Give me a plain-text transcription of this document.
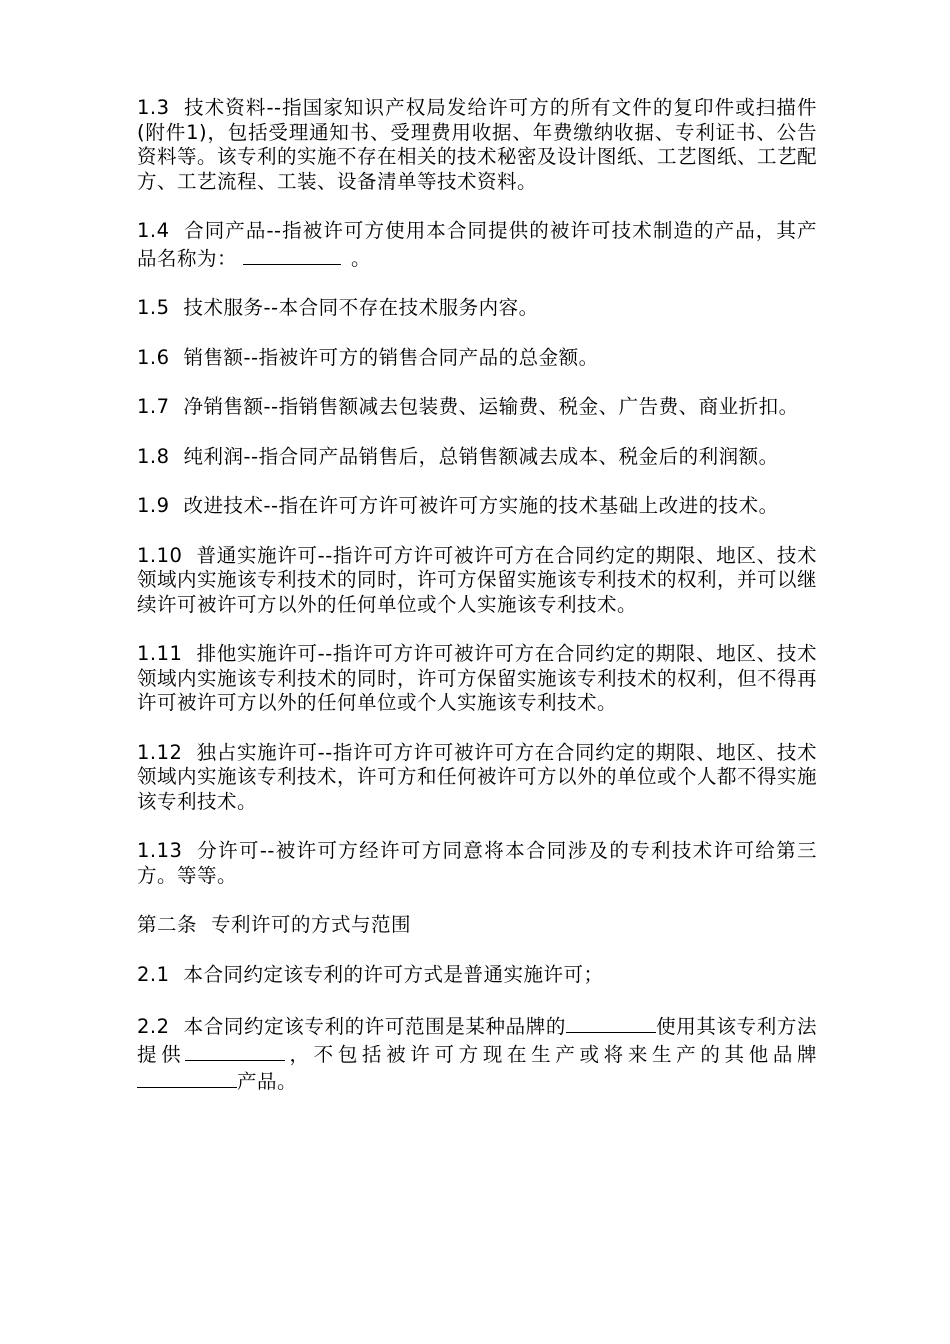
1.3 技术资料--指国家知识产权局发给许可方的所有文件的复印件或扫描件(附件1)，包括受理通知书、受理费用收据、年费缴纳收据、专利证书、公告资料等。该专利的实施不存在相关的技术秘密及设计图纸、工艺图纸、工艺配方、工艺流程、工装、设备清单等技术资料。

1.4 合同产品--指被许可方使用本合同提供的被许可技术制造的产品，其产品名称为：	。

1.5 技术服务--本合同不存在技术服务内容。

1.6 销售额--指被许可方的销售合同产品的总金额。

1.7 净销售额--指销售额减去包装费、运输费、税金、广告费、商业折扣。

1.8 纯利润--指合同产品销售后，总销售额减去成本、税金后的利润额。

1.9 改进技术--指在许可方许可被许可方实施的技术基础上改进的技术。

1.10 普通实施许可--指许可方许可被许可方在合同约定的期限、地区、技术领域内实施该专利技术的同时，许可方保留实施该专利技术的权利，并可以继续许可被许可方以外的任何单位或个人实施该专利技术。

1.11 排他实施许可--指许可方许可被许可方在合同约定的期限、地区、技术领域内实施该专利技术的同时，许可方保留实施该专利技术的权利，但不得再许可被许可方以外的任何单位或个人实施该专利技术。

1.12 独占实施许可--指许可方许可被许可方在合同约定的期限、地区、技术领域内实施该专利技术，许可方和任何被许可方以外的单位或个人都不得实施该专利技术。

1.13 分许可--被许可方经许可方同意将本合同涉及的专利技术许可给第三方。等等。

第二条 专利许可的方式与范围

2.1 本合同约定该专利的许可方式是普通实施许可；

2.2 本合同约定该专利的许可范围是某种品牌的	使用其该专利方法提供	，不包括被许可方现在生产或将来生产的其他品牌产品。
